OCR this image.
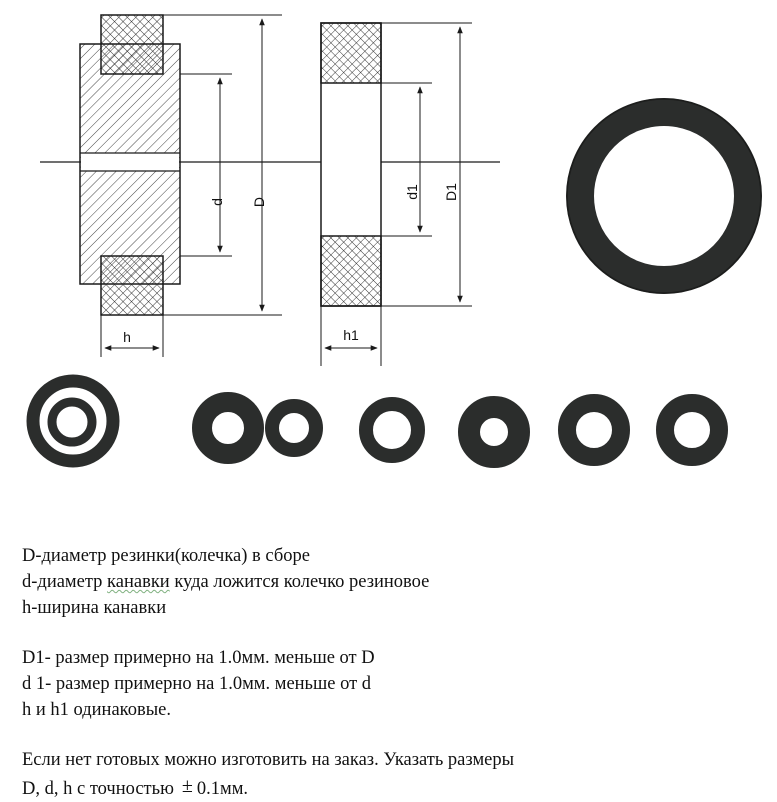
d D
h
d1 D1
h1

D-диаметр резинки(колечка) в сборе

d-диаметр канавки куда ложится колечко резиновое

h-ширина канавки

D1- размер примерно на 1.0мм. меньше от D

d 1- размер примерно на 1.0мм. меньше от d

h и h1 одинаковые.

Если нет готовых можно изготовить на заказ. Указать размеры

D, d, h с точностью ± 0.1мм.
